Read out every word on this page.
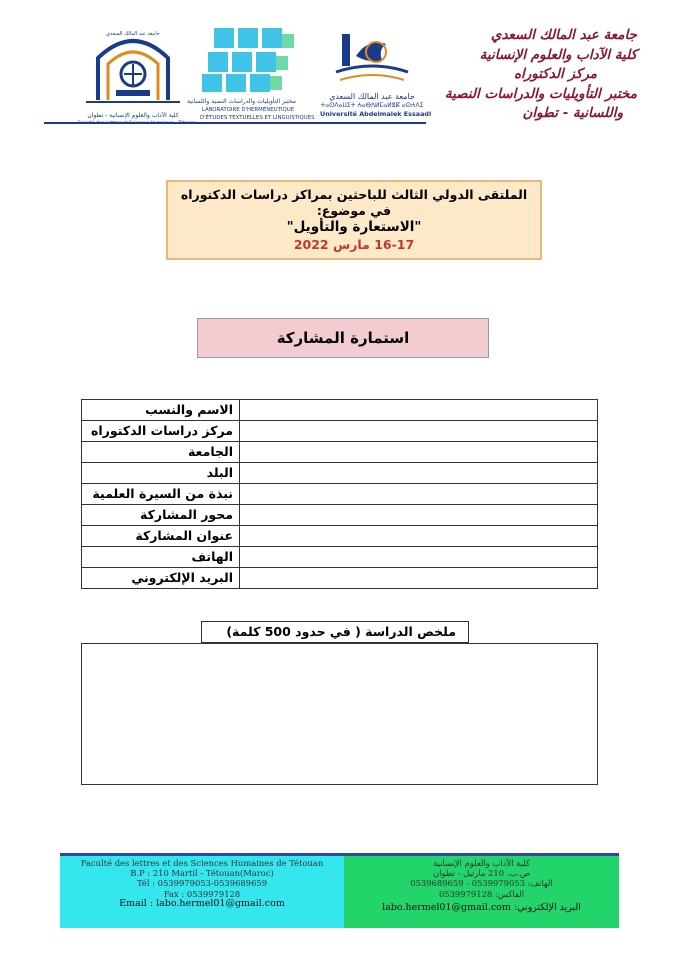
جامعة عبد المالك السعدي
كلية الآداب والعلوم الإنسانية - تطوان
Faculté des Lettres et Sciences Humaines - Tétouan
مختبر التأويليات والدراسات النصية واللسانية
LABORATOIRE D'HERMÉNEUTIQUE
D'ÉTUDES TEXTUELLES ET LINGUISTIQUES
جامعة عبد المالك السعدي
ⵜⴰⵙⴷⴰⵡⵉⵜ ⵄⴰⴱⴷⵍⵎⴰⵍⴻⴽ ⴰⵙⵄⴷⵉ
Université Abdelmalek Essaadi
جامعة عبد المالك السعدي
كلية الآداب والعلوم الإنسانية
مركز الدكتوراه
مختبر التأويليات والدراسات النصية
واللسانية - تطوان
الملتقى الدولي الثالث للباحثين بمراكز دراسات الدكتوراه
في موضوع:
"الاستعارة والتأويل"
16-17 مارس 2022
استمارة المشاركة
الاسم والنسب	
مركز دراسات الدكتوراه	
الجامعة	
البلد	
نبذة من السيرة العلمية	
محور المشاركة	
عنوان المشاركة	
الهاتف	
البريد الإلكتروني	
ملخص الدراسة ( في حدود 500 كلمة)
Faculté des lettres et des Sciences Humaines de Tétouan
B.P : 210 Martil - Tétouan(Maroc)
Tél : 0539979053-0539689659
Fax : 0539979128
Email : labo.hermel01@gmail.com
كلية الآداب والعلوم الإنسانية
ص.ب. 210 مارتيل - تطوان
الهاتف: 0539979053 - 0539689659
الفاكس: 0539979128
البريد الإلكتروني: labo.hermel01@gmail.com
